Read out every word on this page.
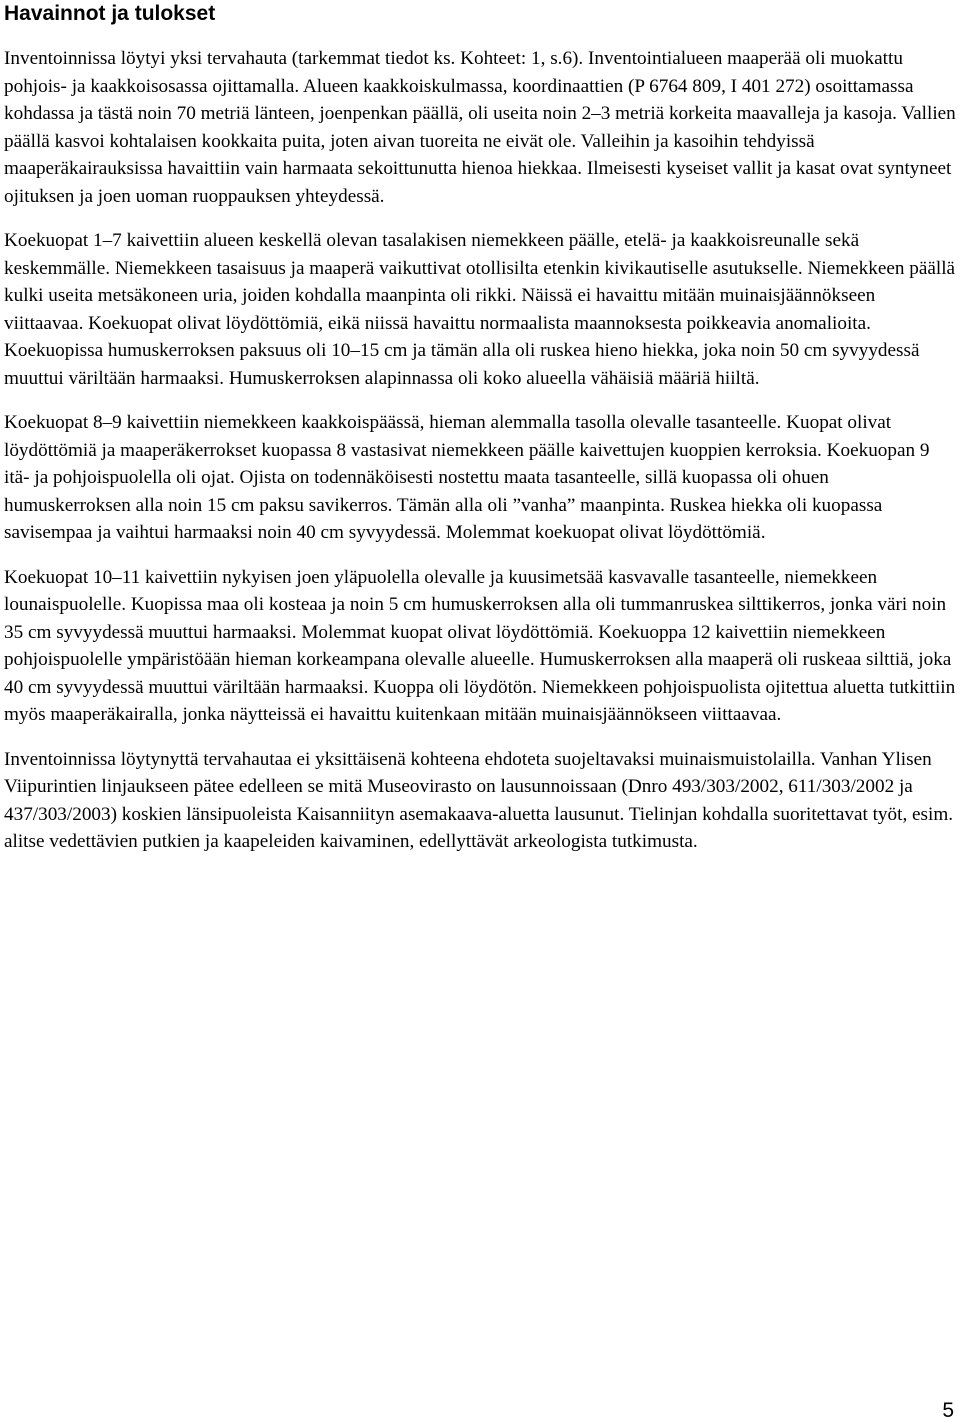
Havainnot ja tulokset

Inventoinnissa löytyi yksi tervahauta (tarkemmat tiedot ks. Kohteet: 1, s.6). Inventointialueen maaperää oli muokattu pohjois- ja kaakkoisosassa ojittamalla. Alueen kaakkoiskulmassa, koordinaattien (P 6764 809, I 401 272) osoittamassa kohdassa ja tästä noin 70 metriä länteen, joenpenkan päällä, oli useita noin 2–3 metriä korkeita maavalleja ja kasoja. Vallien päällä kasvoi kohtalaisen kookkaita puita, joten aivan tuoreita ne eivät ole. Valleihin ja kasoihin tehdyissä maaperäkairauksissa havaittiin vain harmaata sekoittunutta hienoa hiekkaa. Ilmeisesti kyseiset vallit ja kasat ovat syntyneet ojituksen ja joen uoman ruoppauksen yhteydessä.

Koekuopat 1–7 kaivettiin alueen keskellä olevan tasalakisen niemekkeen päälle, etelä- ja kaakkoisreunalle sekä keskemmälle. Niemekkeen tasaisuus ja maaperä vaikuttivat otollisilta etenkin kivikautiselle asutukselle. Niemekkeen päällä kulki useita metsäkoneen uria, joiden kohdalla maanpinta oli rikki. Näissä ei havaittu mitään muinaisjäännökseen viittaavaa. Koekuopat olivat löydöttömiä, eikä niissä havaittu normaalista maannoksesta poikkeavia anomalioita. Koekuopissa humuskerroksen paksuus oli 10–15 cm ja tämän alla oli ruskea hieno hiekka, joka noin 50 cm syvyydessä muuttui väriltään harmaaksi. Humuskerroksen alapinnassa oli koko alueella vähäisiä määriä hiiltä.

Koekuopat 8–9 kaivettiin niemekkeen kaakkoispäässä, hieman alemmalla tasolla olevalle tasanteelle. Kuopat olivat löydöttömiä ja maaperäkerrokset kuopassa 8 vastasivat niemekkeen päälle kaivettujen kuoppien kerroksia. Koekuopan 9 itä- ja pohjoispuolella oli ojat. Ojista on todennäköisesti nostettu maata tasanteelle, sillä kuopassa oli ohuen humuskerroksen alla noin 15 cm paksu savikerros. Tämän alla oli ”vanha” maanpinta. Ruskea hiekka oli kuopassa savisempaa ja vaihtui harmaaksi noin 40 cm syvyydessä. Molemmat koekuopat olivat löydöttömiä.

Koekuopat 10–11 kaivettiin nykyisen joen yläpuolella olevalle ja kuusimetsää kasvavalle tasanteelle, niemekkeen lounaispuolelle. Kuopissa maa oli kosteaa ja noin 5 cm humuskerroksen alla oli tummanruskea silttikerros, jonka väri noin 35 cm syvyydessä muuttui harmaaksi. Molemmat kuopat olivat löydöttömiä. Koekuoppa 12 kaivettiin niemekkeen pohjoispuolelle ympäristöään hieman korkeampana olevalle alueelle. Humuskerroksen alla maaperä oli ruskeaa silttiä, joka 40 cm syvyydessä muuttui väriltään harmaaksi. Kuoppa oli löydötön. Niemekkeen pohjoispuolista ojitettua aluetta tutkittiin myös maaperäkairalla, jonka näytteissä ei havaittu kuitenkaan mitään muinaisjäännökseen viittaavaa.

Inventoinnissa löytynyttä tervahautaa ei yksittäisenä kohteena ehdoteta suojeltavaksi muinaismuistolailla. Vanhan Ylisen Viipurintien linjaukseen pätee edelleen se mitä Museovirasto on lausunnoissaan (Dnro 493/303/2002, 611/303/2002 ja 437/303/2003) koskien länsipuoleista Kaisanniityn asemakaava-aluetta lausunut. Tielinjan kohdalla suoritettavat työt, esim. alitse vedettävien putkien ja kaapeleiden kaivaminen, edellyttävät arkeologista tutkimusta.

5
